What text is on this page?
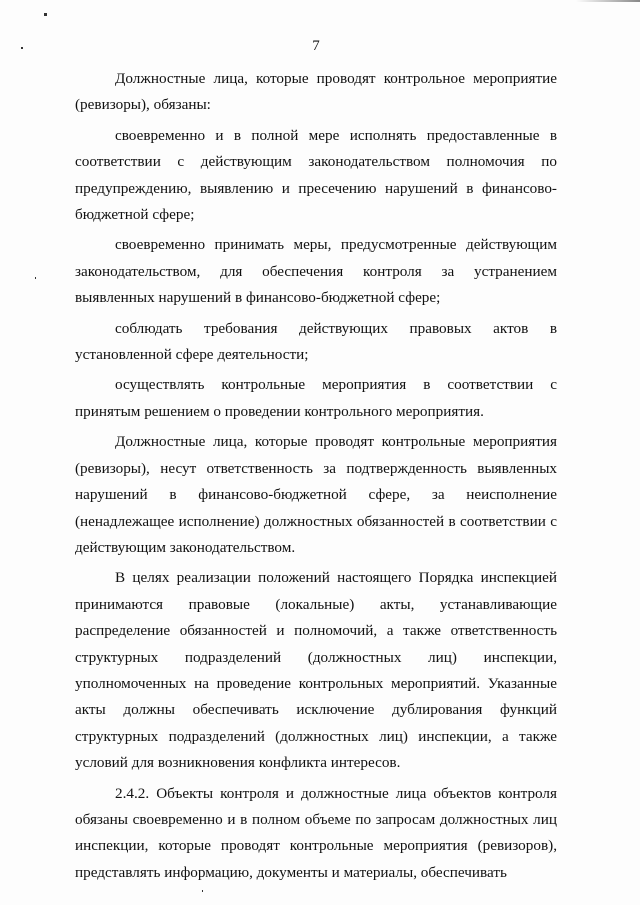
7

Должностные лица, которые проводят контрольное мероприятие (ревизоры), обязаны:

своевременно и в полной мере исполнять предоставленные в соответствии с действующим законодательством полномочия по предупреждению, выявлению и пресечению нарушений в финансово-бюджетной сфере;

своевременно принимать меры, предусмотренные действующим законодательством, для обеспечения контроля за устранением выявленных нарушений в финансово-бюджетной сфере;

соблюдать требования действующих правовых актов в установленной сфере деятельности;

осуществлять контрольные мероприятия в соответствии с принятым решением о проведении контрольного мероприятия.

Должностные лица, которые проводят контрольные мероприятия (ревизоры), несут ответственность за подтвержденность выявленных нарушений в финансово-бюджетной сфере, за неисполнение (ненадлежащее исполнение) должностных обязанностей в соответствии с действующим законодательством.

В целях реализации положений настоящего Порядка инспекцией принимаются правовые (локальные) акты, устанавливающие распределение обязанностей и полномочий, а также ответственность структурных подразделений (должностных лиц) инспекции, уполномоченных на проведение контрольных мероприятий. Указанные акты должны обеспечивать исключение дублирования функций структурных подразделений (должностных лиц) инспекции, а также условий для возникновения конфликта интересов.

2.4.2. Объекты контроля и должностные лица объектов контроля обязаны своевременно и в полном объеме по запросам должностных лиц инспекции, которые проводят контрольные мероприятия (ревизоров), представлять информацию, документы и материалы, обеспечивать
